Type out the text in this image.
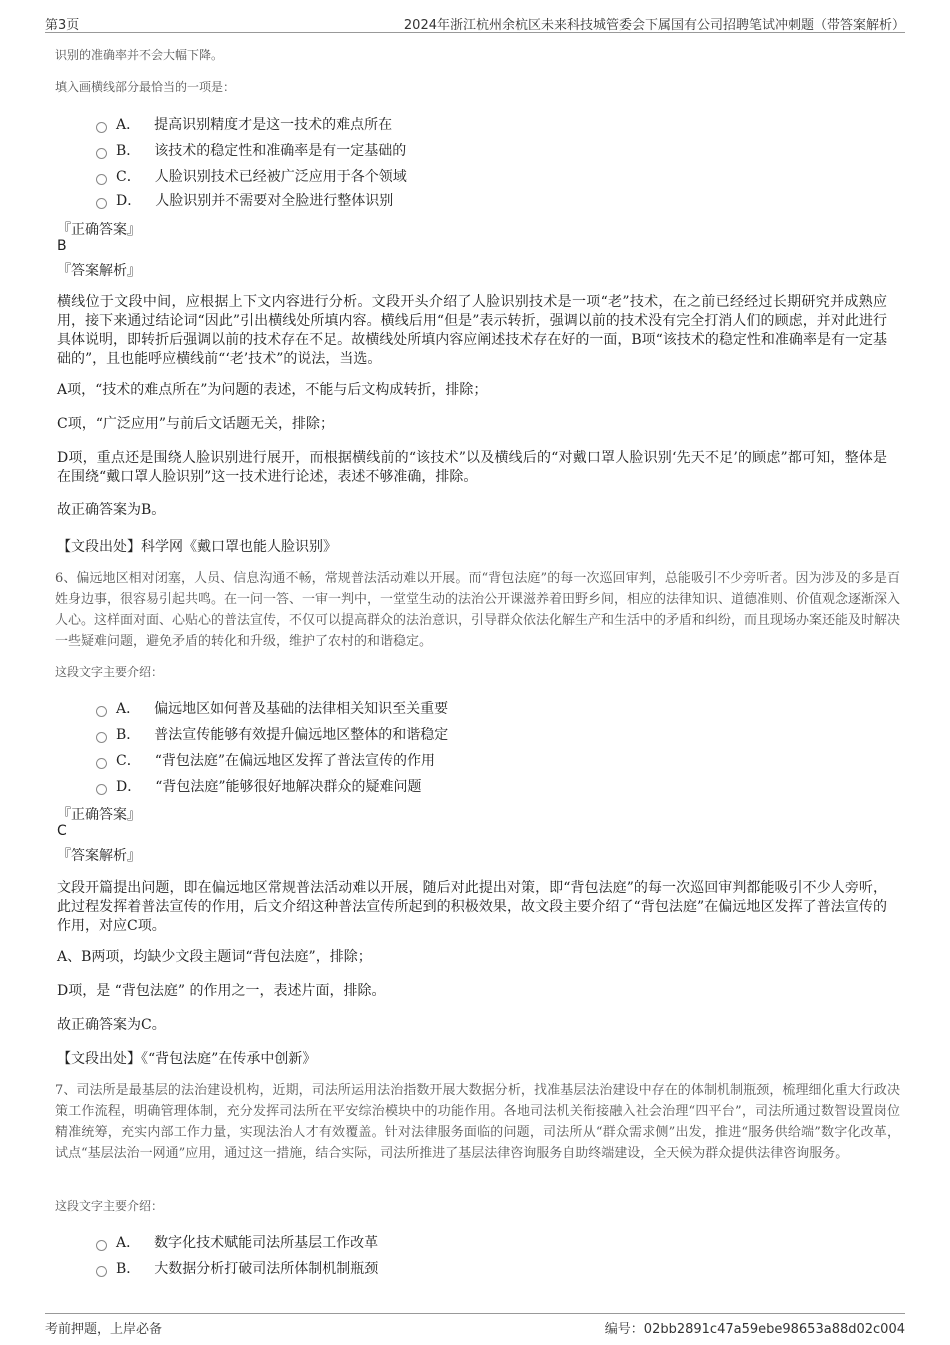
第3页	2024年浙江杭州余杭区未来科技城管委会下属国有公司招聘笔试冲刺题（带答案解析）
识别的准确率并不会大幅下降。
填入画横线部分最恰当的一项是：
A． 提高识别精度才是这一技术的难点所在
B． 该技术的稳定性和准确率是有一定基础的
C． 人脸识别技术已经被广泛应用于各个领域
D． 人脸识别并不需要对全脸进行整体识别
『正确答案』
B
『答案解析』
横线位于文段中间，应根据上下文内容进行分析。文段开头介绍了人脸识别技术是一项“老”技术，在之前已经经过长期研究并成熟应用，接下来通过结论词“因此”引出横线处所填内容。横线后用“但是”表示转折，强调以前的技术没有完全打消人们的顾虑，并对此进行具体说明，即转折后强调以前的技术存在不足。故横线处所填内容应阐述技术存在好的一面，B项“该技术的稳定性和准确率是有一定基础的”，且也能呼应横线前“‘老’技术”的说法，当选。
A项，“技术的难点所在”为问题的表述，不能与后文构成转折，排除；
C项，“广泛应用”与前后文话题无关，排除；
D项，重点还是围绕人脸识别进行展开，而根据横线前的“该技术”以及横线后的“对戴口罩人脸识别‘先天不足’的顾虑”都可知，整体是在围绕“戴口罩人脸识别”这一技术进行论述，表述不够准确，排除。
故正确答案为B。
【文段出处】科学网《戴口罩也能人脸识别》
6、偏远地区相对闭塞，人员、信息沟通不畅，常规普法活动难以开展。而“背包法庭”的每一次巡回审判，总能吸引不少旁听者。因为涉及的多是百姓身边事，很容易引起共鸣。在一问一答、一审一判中，一堂堂生动的法治公开课滋养着田野乡间，相应的法律知识、道德准则、价值观念逐渐深入人心。这样面对面、心贴心的普法宣传，不仅可以提高群众的法治意识，引导群众依法化解生产和生活中的矛盾和纠纷，而且现场办案还能及时解决一些疑难问题，避免矛盾的转化和升级，维护了农村的和谐稳定。
这段文字主要介绍：
A． 偏远地区如何普及基础的法律相关知识至关重要
B． 普法宣传能够有效提升偏远地区整体的和谐稳定
C． “背包法庭”在偏远地区发挥了普法宣传的作用
D． “背包法庭”能够很好地解决群众的疑难问题
『正确答案』
C
『答案解析』
文段开篇提出问题，即在偏远地区常规普法活动难以开展，随后对此提出对策，即“背包法庭”的每一次巡回审判都能吸引不少人旁听，此过程发挥着普法宣传的作用，后文介绍这种普法宣传所起到的积极效果，故文段主要介绍了“背包法庭”在偏远地区发挥了普法宣传的作用，对应C项。
A、B两项，均缺少文段主题词“背包法庭”，排除；
D项，是 “背包法庭” 的作用之一，表述片面，排除。
故正确答案为C。
【文段出处】《“背包法庭”在传承中创新》
7、司法所是最基层的法治建设机构，近期，司法所运用法治指数开展大数据分析，找准基层法治建设中存在的体制机制瓶颈，梳理细化重大行政决策工作流程，明确管理体制，充分发挥司法所在平安综治模块中的功能作用。各地司法机关衔接融入社会治理“四平台”，司法所通过数智设置岗位精准统筹，充实内部工作力量，实现法治人才有效覆盖。针对法律服务面临的问题，司法所从“群众需求侧”出发，推进“服务供给端”数字化改革，试点“基层法治一网通”应用，通过这一措施，结合实际，司法所推进了基层法律咨询服务自助终端建设，全天候为群众提供法律咨询服务。
这段文字主要介绍：
A． 数字化技术赋能司法所基层工作改革
B． 大数据分析打破司法所体制机制瓶颈
考前押题，上岸必备	编号：02bb2891c47a59ebe98653a88d02c004
